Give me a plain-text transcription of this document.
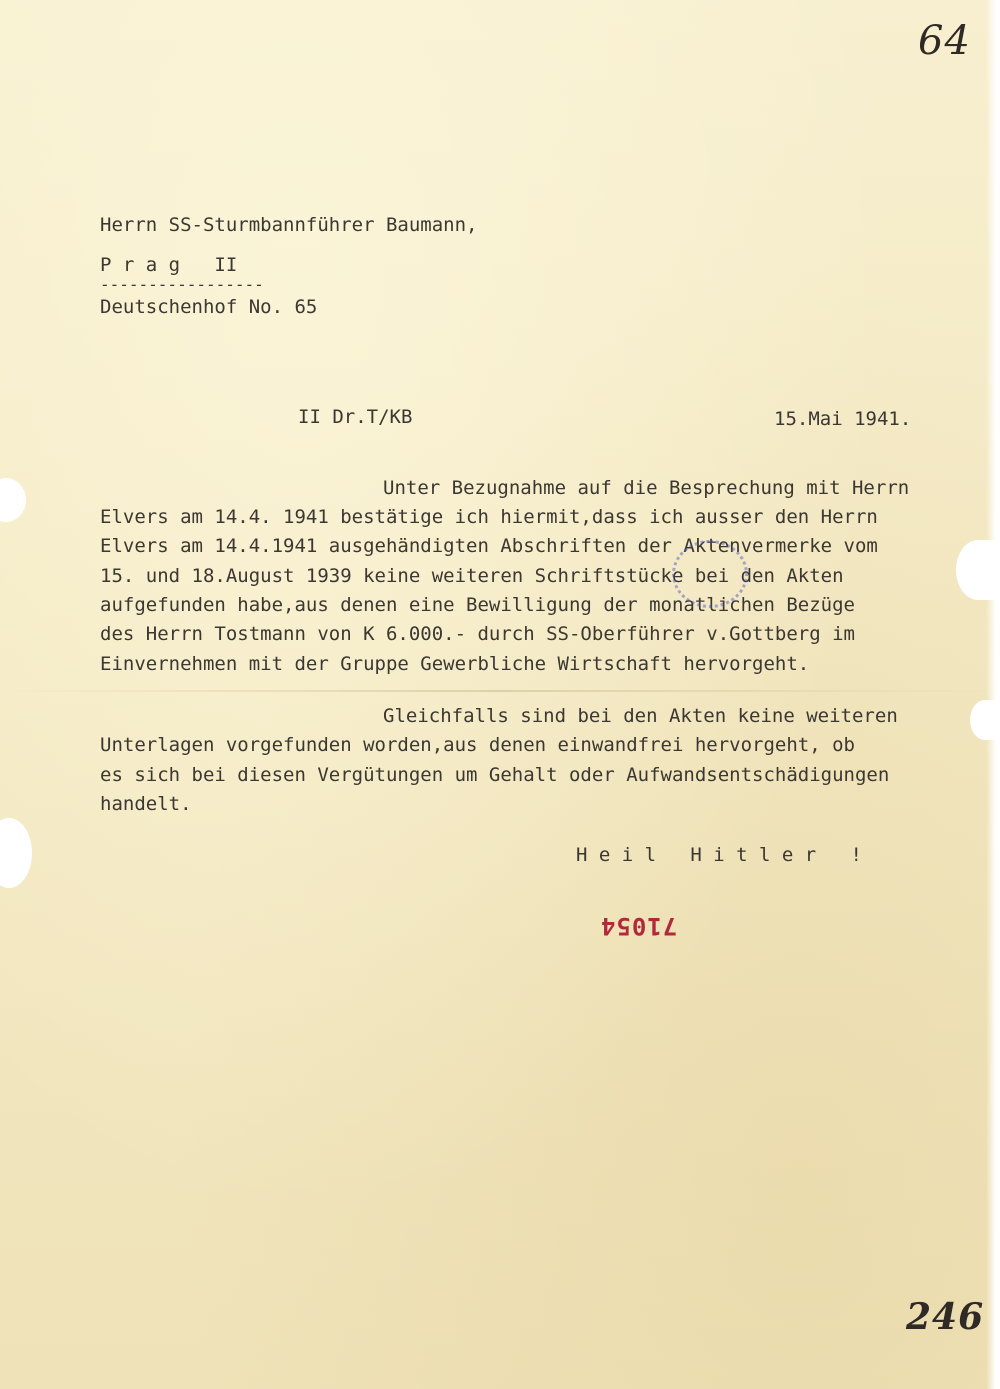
64
246
Herrn SS-Sturmbannführer Baumann,
P r a g   II
-----------------
Deutschenhof No. 65
II Dr.T/KB	15.Mai 1941.
Unter Bezugnahme auf die Besprechung mit Herrn
Elvers am 14.4. 1941 bestätige ich hiermit,dass ich ausser den Herrn
Elvers am 14.4.1941 ausgehändigten Abschriften der Aktenvermerke vom
15. und 18.August 1939 keine weiteren Schriftstücke bei den Akten
aufgefunden habe,aus denen eine Bewilligung der monatlichen Bezüge
des Herrn Tostmann von K 6.000.- durch SS-Oberführer v.Gottberg im
Einvernehmen mit der Gruppe Gewerbliche Wirtschaft hervorgeht.
Gleichfalls sind bei den Akten keine weiteren
Unterlagen vorgefunden worden,aus denen einwandfrei hervorgeht, ob
es sich bei diesen Vergütungen um Gehalt oder Aufwandsentschädigungen
handelt.
H e i l   H i t l e r   !
71054
